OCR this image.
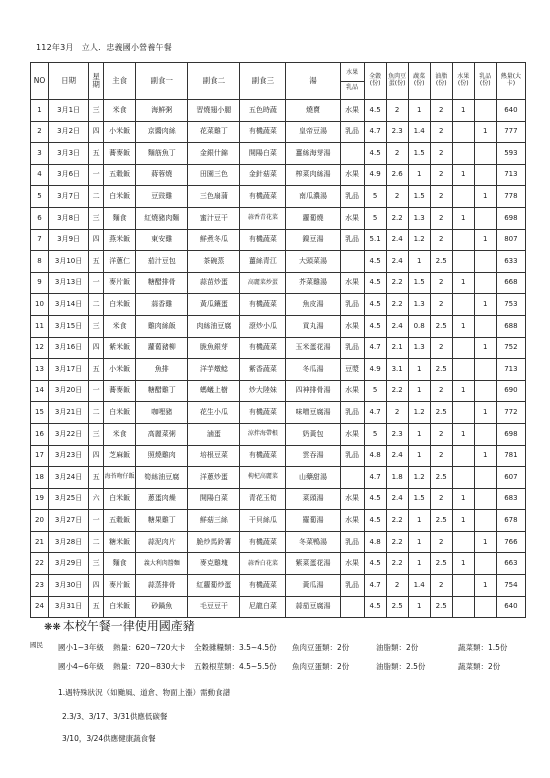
112年3月　立人．忠義國小營養午餐
NO	日期	星期	主食	副食一	副食二	副食三	湯	水果
乳品	全穀(份)	魚肉豆蛋(份)	蔬菜(份)	油脂(份)	水果(份)	乳品(份)	熱量(大卡)
1	3月1日	三	米食	海鮮粥	習燒翅小腿	五色時蔬	燒賣	水果	4.5	2	1	2	1		640
2	3月2日	四	小米飯	京醬肉絲	花菜雞丁	有機蔬菜	皇帝豆湯	乳品	4.7	2.3	1.4	2		1	777
3	3月3日	五	蕎麥飯	麵筋魚丁	金銀什錦	開陽白菜	薑絲海芽湯		4.5	2	1.5	2			593
4	3月6日	一	五穀飯	蔣蓉燒	田園三色	金針菇菜	榨菜肉絲湯	水果	4.9	2.6	1	2	1		713
5	3月7日	二	白米飯	豆豉雞	三色扇蒲	有機蔬菜	南瓜濃湯	乳品	5	2	1.5	2		1	778
6	3月8日	三	麵食	紅燒豬肉麵	蜜汁豆干	蒜香青花菜	蘿蔔燒	水果	5	2.2	1.3	2	1		698
7	3月9日	四	燕米飯	東安雞	鮮煮冬瓜	有機蔬菜	鎳豆湯	乳品	5.1	2.4	1.2	2		1	807
8	3月10日	五	洋蔥仁	茄汁豆包	茶碗蒸	薑絲青江	大頭菜湯		4.5	2.4	1	2.5			633
9	3月13日	一	麥片飯	糖醋排骨	蒜苗炒蛋	高麗菜炒蛋	芥菜雞湯	水果	4.5	2.2	1.5	2	1		668
10	3月14日	二	白米飯	蒜香雞	黃瓜鑲蛋	有機蔬菜	魚皮湯	乳品	4.5	2.2	1.3	2		1	753
11	3月15日	三	米食	雞肉絲飯	肉絲油豆腐	滾炒小瓜	貢丸湯	水果	4.5	2.4	0.8	2.5	1		688
12	3月16日	四	紫米飯	蘿蔔豬柳	脆魚銀芽	有機蔬菜	玉米蛋花湯	乳品	4.7	2.1	1.3	2		1	752
13	3月17日	五	小米飯	魚排	洋芋燉鯰	紫香蔬菜	冬瓜湯	豆漿	4.9	3.1	1	2.5			713
14	3月20日	一	蕎麥飯	糖醋雞丁	螞蟻上樹	炒大陸妹	四神排骨湯	水果	5	2.2	1	2	1		690
15	3月21日	二	白米飯	咖哩豬	花生小瓜	有機蔬菜	味噌豆腐湯	乳品	4.7	2	1.2	2.5		1	772
16	3月22日	三	米食	高麗菜粥	滷蛋	涼拌海帶根	奶黃包	水果	5	2.3	1	2	1		698
17	3月23日	四	芝麻飯	照燒雞肉	培根豆菜	有機蔬菜	雲吞湯	乳品	4.8	2.4	1	2		1	781
18	3月24日	五	海苔吻仔飯	筍絲油豆腐	洋蔥炒蛋	枸杞高麗菜	山藥甜湯		4.7	1.8	1.2	2.5			607
19	3月25日	六	白米飯	蔥蛋肉燥	開陽白菜	青花玉筍	菜頭湯	水果	4.5	2.4	1.5	2	1		683
20	3月27日	一	五穀飯	糖果雞丁	鮮菇三絲	干貝絲瓜	羅蔔湯	水果	4.5	2.2	1	2.5	1		678
21	3月28日	二	糖米飯	蒜泥肉片	脆炒馬鈴薯	有機蔬菜	冬菜鴨湯	乳品	4.8	2.2	1	2		1	766
22	3月29日	三	麵食	義大利肉醬麵	麥克雞塊	蒜香白花菜	紫菜蛋花湯	水果	4.5	2.2	1	2.5	1		663
23	3月30日	四	麥片飯	蒜蒸排骨	紅蘿蔔炒蛋	有機蔬菜	黃瓜湯	乳品	4.7	2	1.4	2		1	754
24	3月31日	五	白米飯	砂鍋魚	毛豆豆干	尼龍白菜	蒜茄豆腐湯		4.5	2.5	1	2.5			640
❋❋ 本校午餐一律使用國產豬
國民 國小1~3年級 熱量：620~720大卡 全穀雜糧類：3.5~4.5份 魚肉豆蛋類：2份	油脂類：2份	蔬菜類：1.5份
國小4~6年級 熱量：720~830大卡 五穀根莖類：4.5~5.5份 魚肉豆蛋類：2份	油脂類：2.5份	蔬菜類：2份
1.遇特殊狀況（如颱風、道倉、物面上漲）需動食譜
2.3/3、3/17、3/31供應低碳餐
3/10，3/24供應健康蔬食餐
